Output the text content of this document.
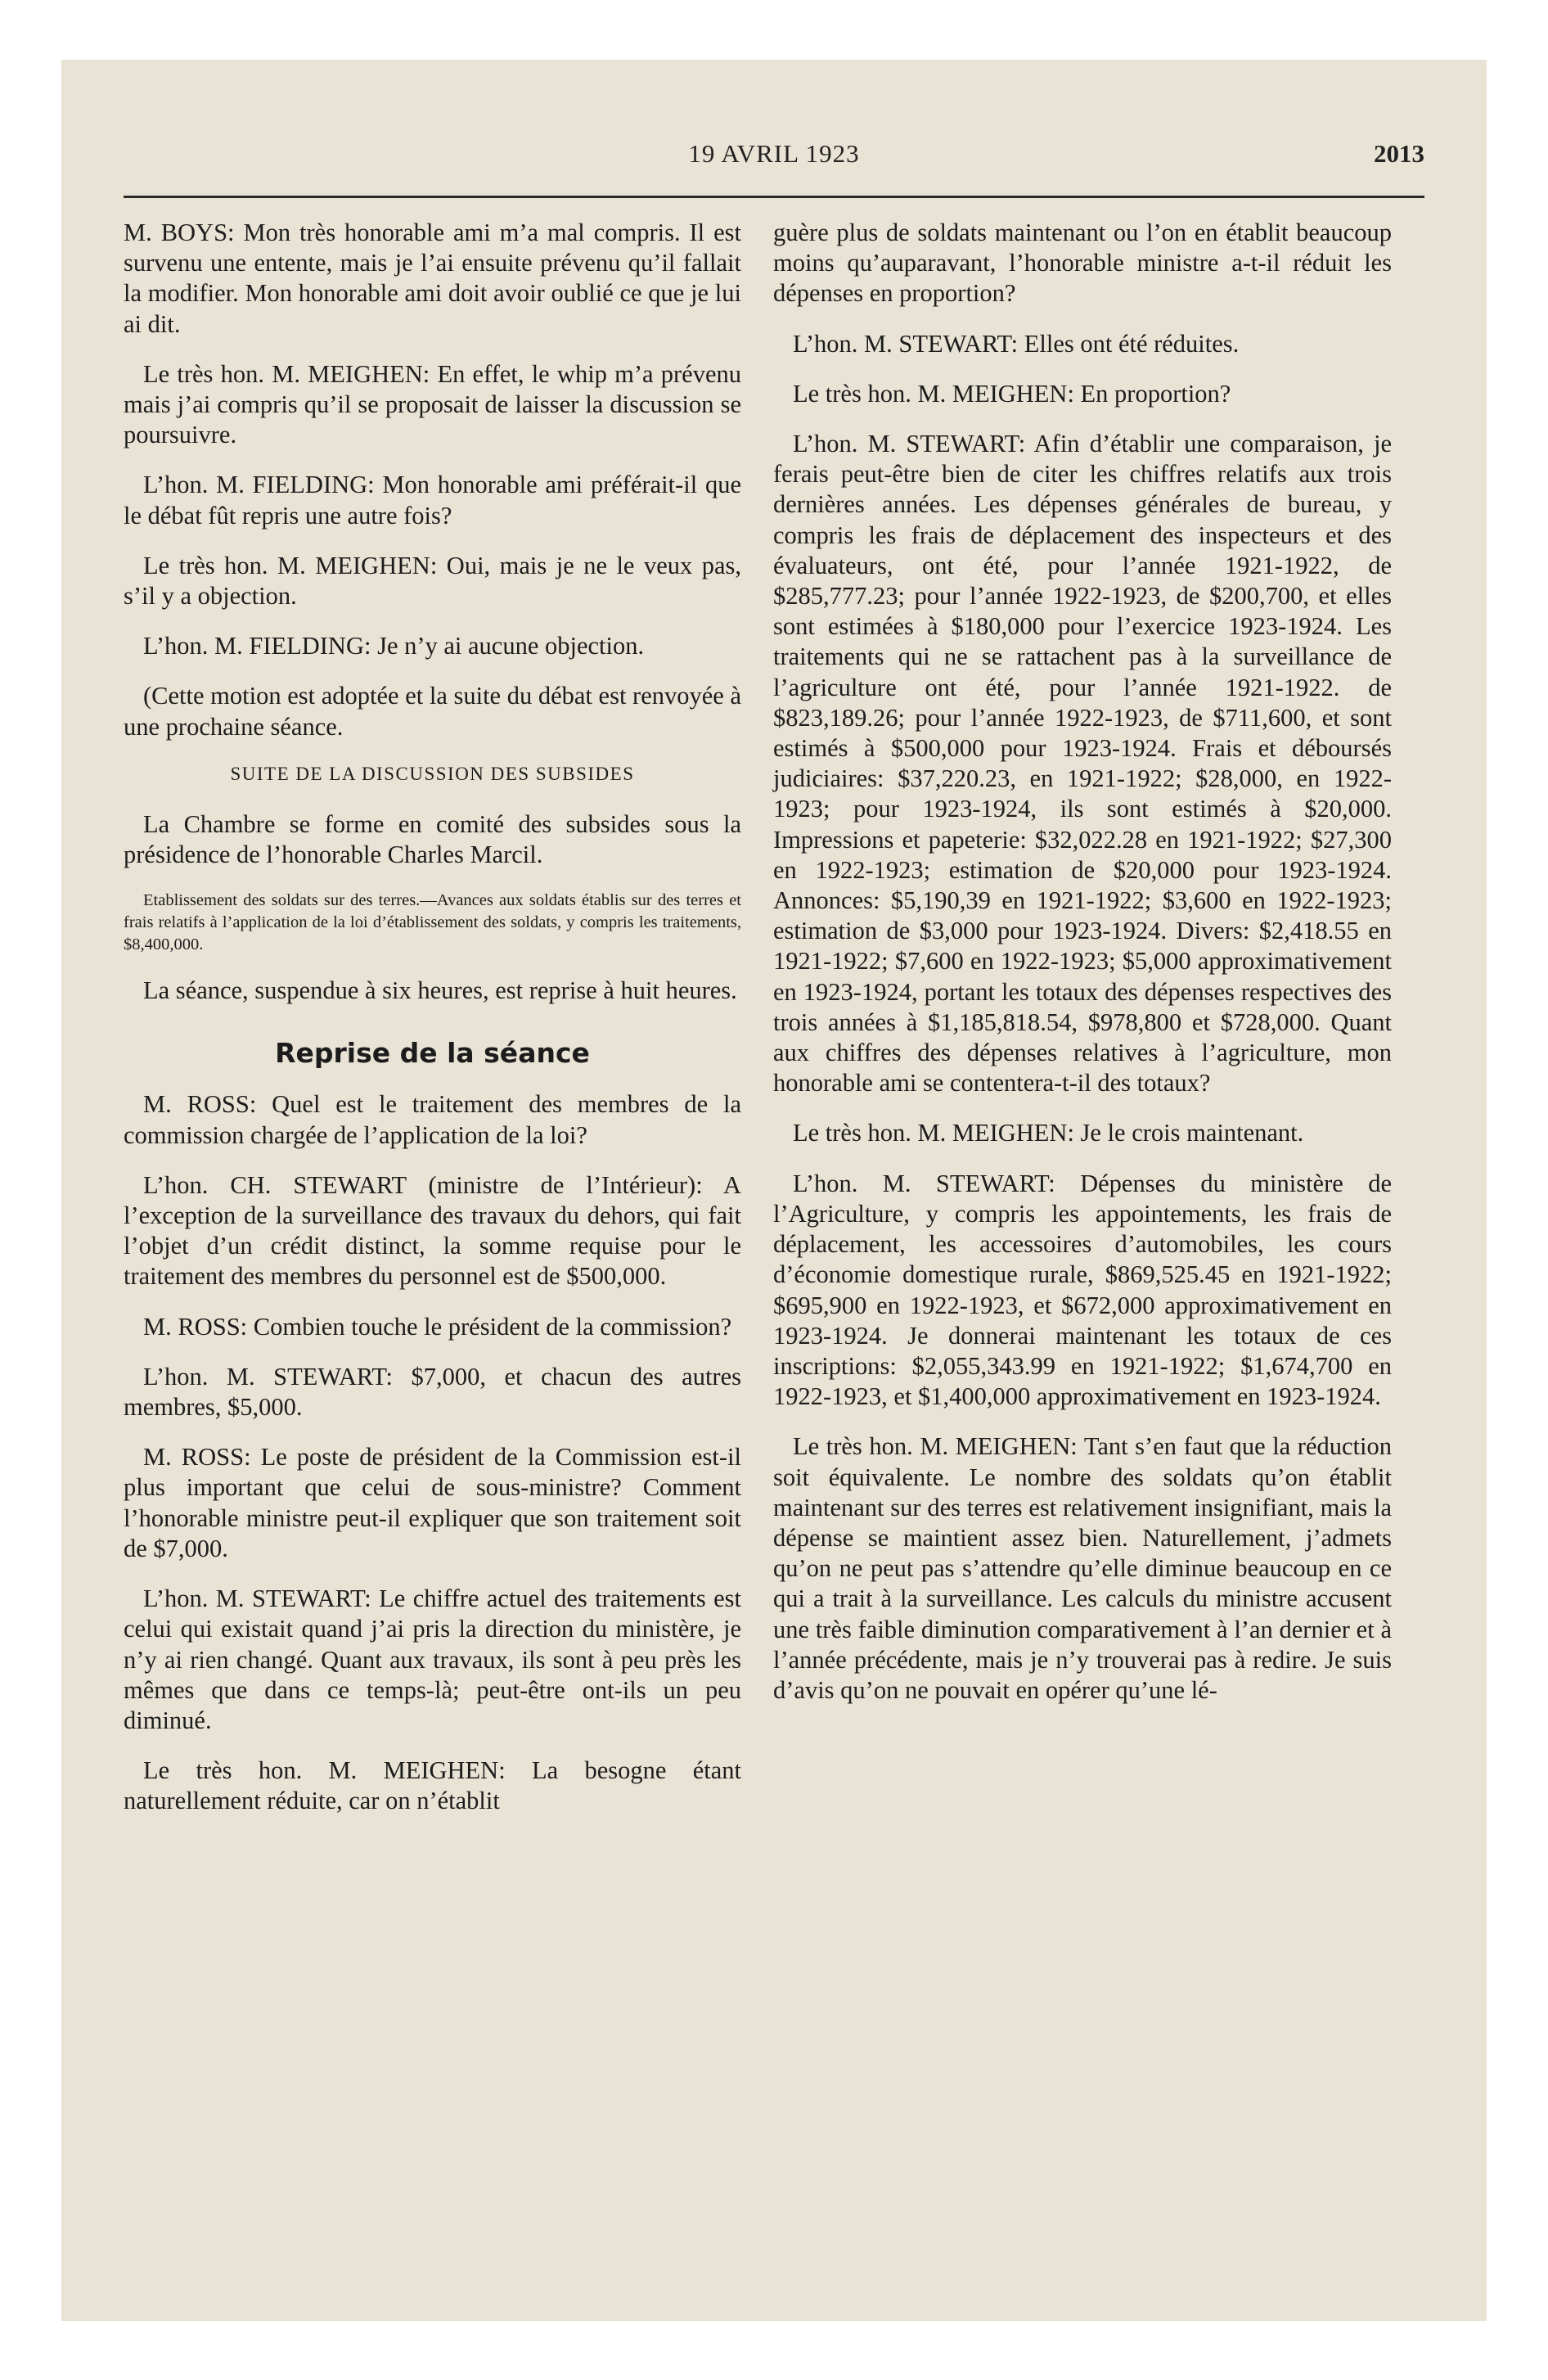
19 AVRIL 1923	2013

M. BOYS: Mon très honorable ami m’a mal compris. Il est survenu une entente, mais je l’ai ensuite prévenu qu’il fallait la modifier. Mon honorable ami doit avoir oublié ce que je lui ai dit.

Le très hon. M. MEIGHEN: En effet, le whip m’a prévenu mais j’ai compris qu’il se proposait de laisser la discussion se poursuivre.

L’hon. M. FIELDING: Mon honorable ami préférait-il que le débat fût repris une autre fois?

Le très hon. M. MEIGHEN: Oui, mais je ne le veux pas, s’il y a objection.

L’hon. M. FIELDING: Je n’y ai aucune objection.

(Cette motion est adoptée et la suite du débat est renvoyée à une prochaine séance.

SUITE DE LA DISCUSSION DES SUBSIDES

La Chambre se forme en comité des subsides sous la présidence de l’honorable Charles Marcil.

Etablissement des soldats sur des terres.—Avances aux soldats établis sur des terres et frais relatifs à l’application de la loi d’établissement des soldats, y compris les traitements, $8,400,000.

La séance, suspendue à six heures, est reprise à huit heures.

Reprise de la séance

M. ROSS: Quel est le traitement des membres de la commission chargée de l’application de la loi?

L’hon. CH. STEWART (ministre de l’Intérieur): A l’exception de la surveillance des travaux du dehors, qui fait l’objet d’un crédit distinct, la somme requise pour le traitement des membres du personnel est de $500,000.

M. ROSS: Combien touche le président de la commission?

L’hon. M. STEWART: $7,000, et chacun des autres membres, $5,000.

M. ROSS: Le poste de président de la Commission est-il plus important que celui de sous-ministre? Comment l’honorable ministre peut-il expliquer que son traitement soit de $7,000.

L’hon. M. STEWART: Le chiffre actuel des traitements est celui qui existait quand j’ai pris la direction du ministère, je n’y ai rien changé. Quant aux travaux, ils sont à peu près les mêmes que dans ce temps-là; peut-être ont-ils un peu diminué.

Le très hon. M. MEIGHEN: La besogne étant naturellement réduite, car on n’établit

guère plus de soldats maintenant ou l’on en établit beaucoup moins qu’auparavant, l’honorable ministre a-t-il réduit les dépenses en proportion?

L’hon. M. STEWART: Elles ont été réduites.

Le très hon. M. MEIGHEN: En proportion?

L’hon. M. STEWART: Afin d’établir une comparaison, je ferais peut-être bien de citer les chiffres relatifs aux trois dernières années. Les dépenses générales de bureau, y compris les frais de déplacement des inspecteurs et des évaluateurs, ont été, pour l’année 1921-1922, de $285,777.23; pour l’année 1922-1923, de $200,700, et elles sont estimées à $180,000 pour l’exercice 1923-1924. Les traitements qui ne se rattachent pas à la surveillance de l’agriculture ont été, pour l’année 1921-1922. de $823,189.26; pour l’année 1922-1923, de $711,600, et sont estimés à $500,000 pour 1923-1924. Frais et déboursés judiciaires: $37,220.23, en 1921-1922; $28,000, en 1922-1923; pour 1923-1924, ils sont estimés à $20,000. Impressions et papeterie: $32,022.28 en 1921-1922; $27,300 en 1922-1923; estimation de $20,000 pour 1923-1924. Annonces: $5,190,39 en 1921-1922; $3,600 en 1922-1923; estimation de $3,000 pour 1923-1924. Divers: $2,418.55 en 1921-1922; $7,600 en 1922-1923; $5,000 approximativement en 1923-1924, portant les totaux des dépenses respectives des trois années à $1,185,818.54, $978,800 et $728,000. Quant aux chiffres des dépenses relatives à l’agriculture, mon honorable ami se contentera-t-il des totaux?

Le très hon. M. MEIGHEN: Je le crois maintenant.

L’hon. M. STEWART: Dépenses du ministère de l’Agriculture, y compris les appointements, les frais de déplacement, les accessoires d’automobiles, les cours d’économie domestique rurale, $869,525.45 en 1921-1922; $695,900 en 1922-1923, et $672,000 approximativement en 1923-1924. Je donnerai maintenant les totaux de ces inscriptions: $2,055,343.99 en 1921-1922; $1,674,700 en 1922-1923, et $1,400,000 approximativement en 1923-1924.

Le très hon. M. MEIGHEN: Tant s’en faut que la réduction soit équivalente. Le nombre des soldats qu’on établit maintenant sur des terres est relativement insignifiant, mais la dépense se maintient assez bien. Naturellement, j’admets qu’on ne peut pas s’attendre qu’elle diminue beaucoup en ce qui a trait à la surveillance. Les calculs du ministre accusent une très faible diminution comparativement à l’an dernier et à l’année précédente, mais je n’y trouverai pas à redire. Je suis d’avis qu’on ne pouvait en opérer qu’une lé-
